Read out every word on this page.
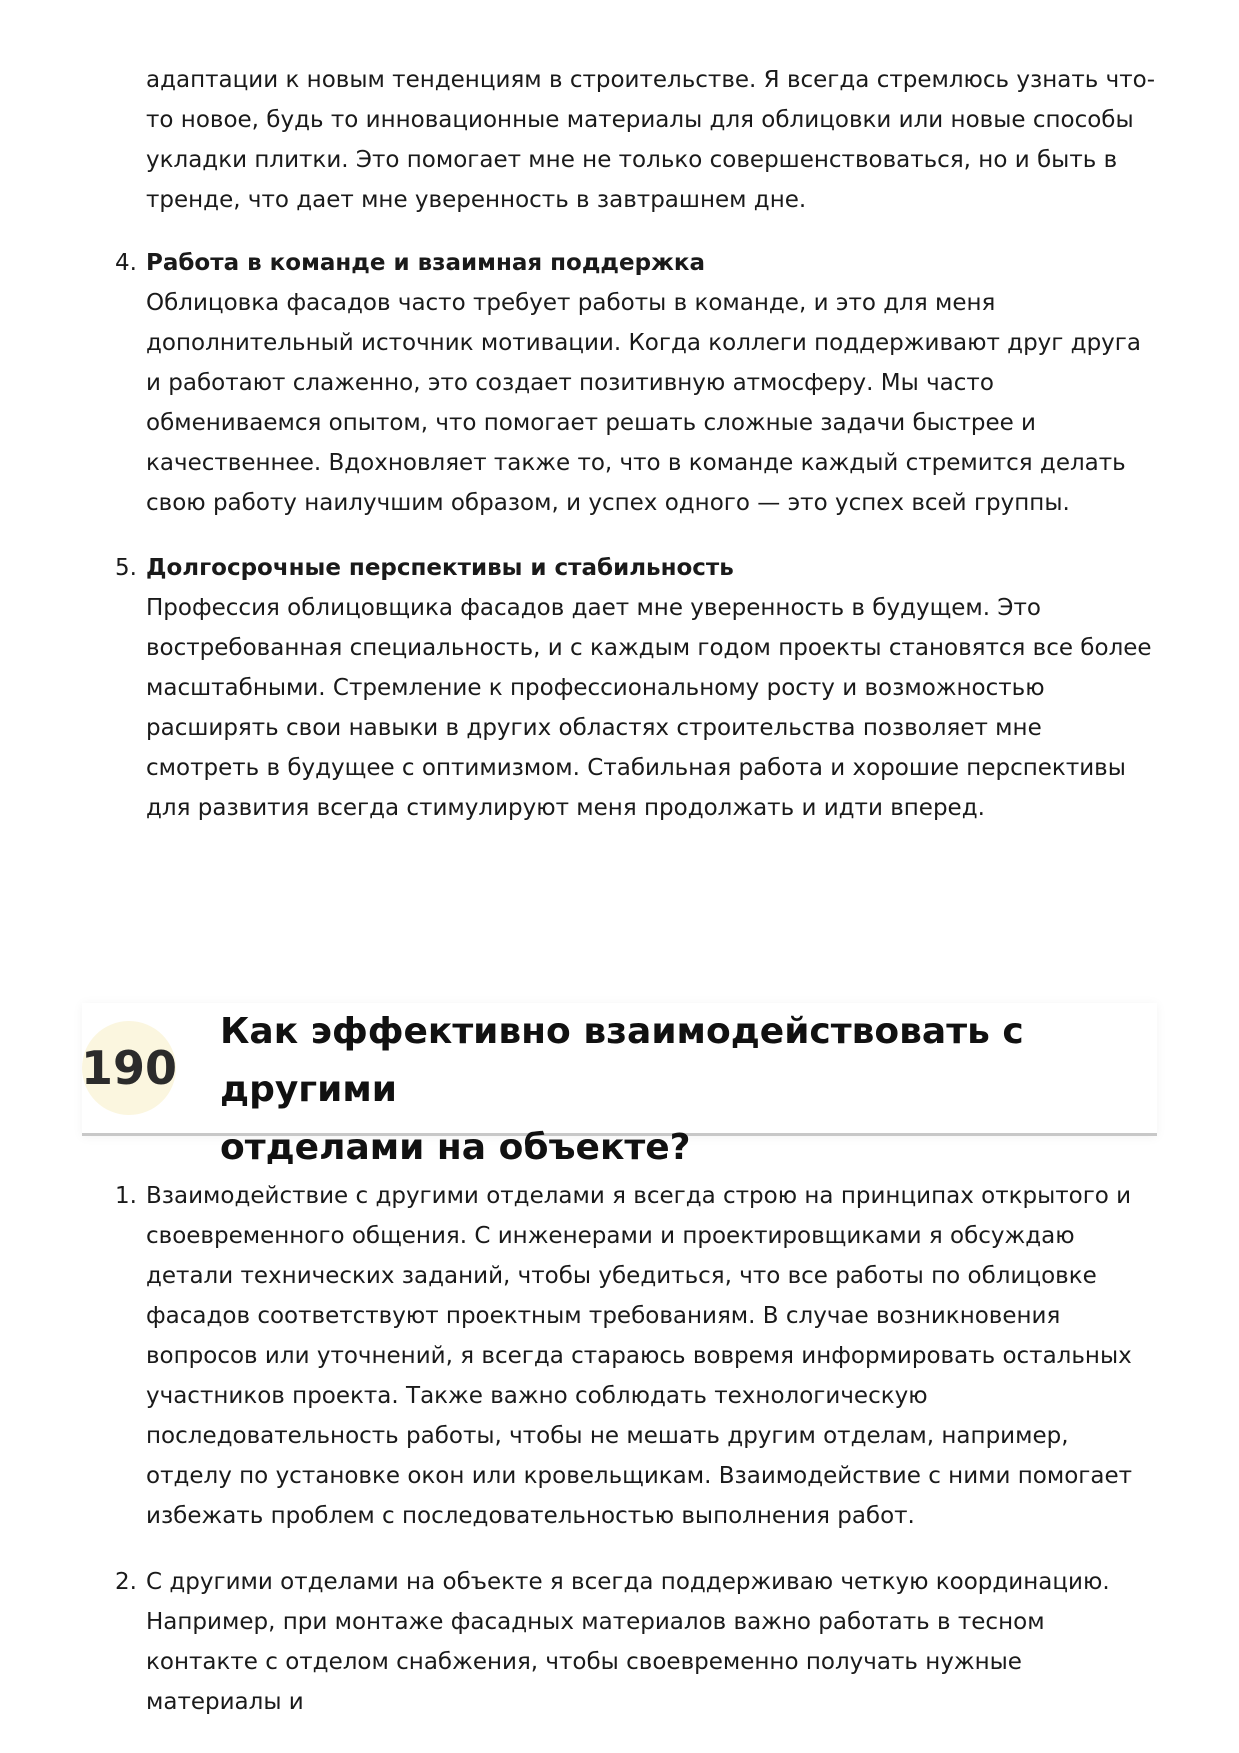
адаптации к новым тенденциям в строительстве. Я всегда стремлюсь узнать что-то новое, будь то инновационные материалы для облицовки или новые способы укладки плитки. Это помогает мне не только совершенствоваться, но и быть в тренде, что дает мне уверенность в завтрашнем дне.

4. Работа в команде и взаимная поддержка
Облицовка фасадов часто требует работы в команде, и это для меня дополнительный источник мотивации. Когда коллеги поддерживают друг друга и работают слаженно, это создает позитивную атмосферу. Мы часто обмениваемся опытом, что помогает решать сложные задачи быстрее и качественнее. Вдохновляет также то, что в команде каждый стремится делать свою работу наилучшим образом, и успех одного — это успех всей группы.
5. Долгосрочные перспективы и стабильность
Профессия облицовщика фасадов дает мне уверенность в будущем. Это востребованная специальность, и с каждым годом проекты становятся все более масштабными. Стремление к профессиональному росту и возможностью расширять свои навыки в других областях строительства позволяет мне смотреть в будущее с оптимизмом. Стабильная работа и хорошие перспективы для развития всегда стимулируют меня продолжать и идти вперед.
190
Как эффективно взаимодействовать с другими
отделами на объекте?
1. Взаимодействие с другими отделами я всегда строю на принципах открытого и своевременного общения. С инженерами и проектировщиками я обсуждаю детали технических заданий, чтобы убедиться, что все работы по облицовке фасадов соответствуют проектным требованиям. В случае возникновения вопросов или уточнений, я всегда стараюсь вовремя информировать остальных участников проекта. Также важно соблюдать технологическую последовательность работы, чтобы не мешать другим отделам, например, отделу по установке окон или кровельщикам. Взаимодействие с ними помогает избежать проблем с последовательностью выполнения работ.
2. С другими отделами на объекте я всегда поддерживаю четкую координацию. Например, при монтаже фасадных материалов важно работать в тесном контакте с отделом снабжения, чтобы своевременно получать нужные материалы и
